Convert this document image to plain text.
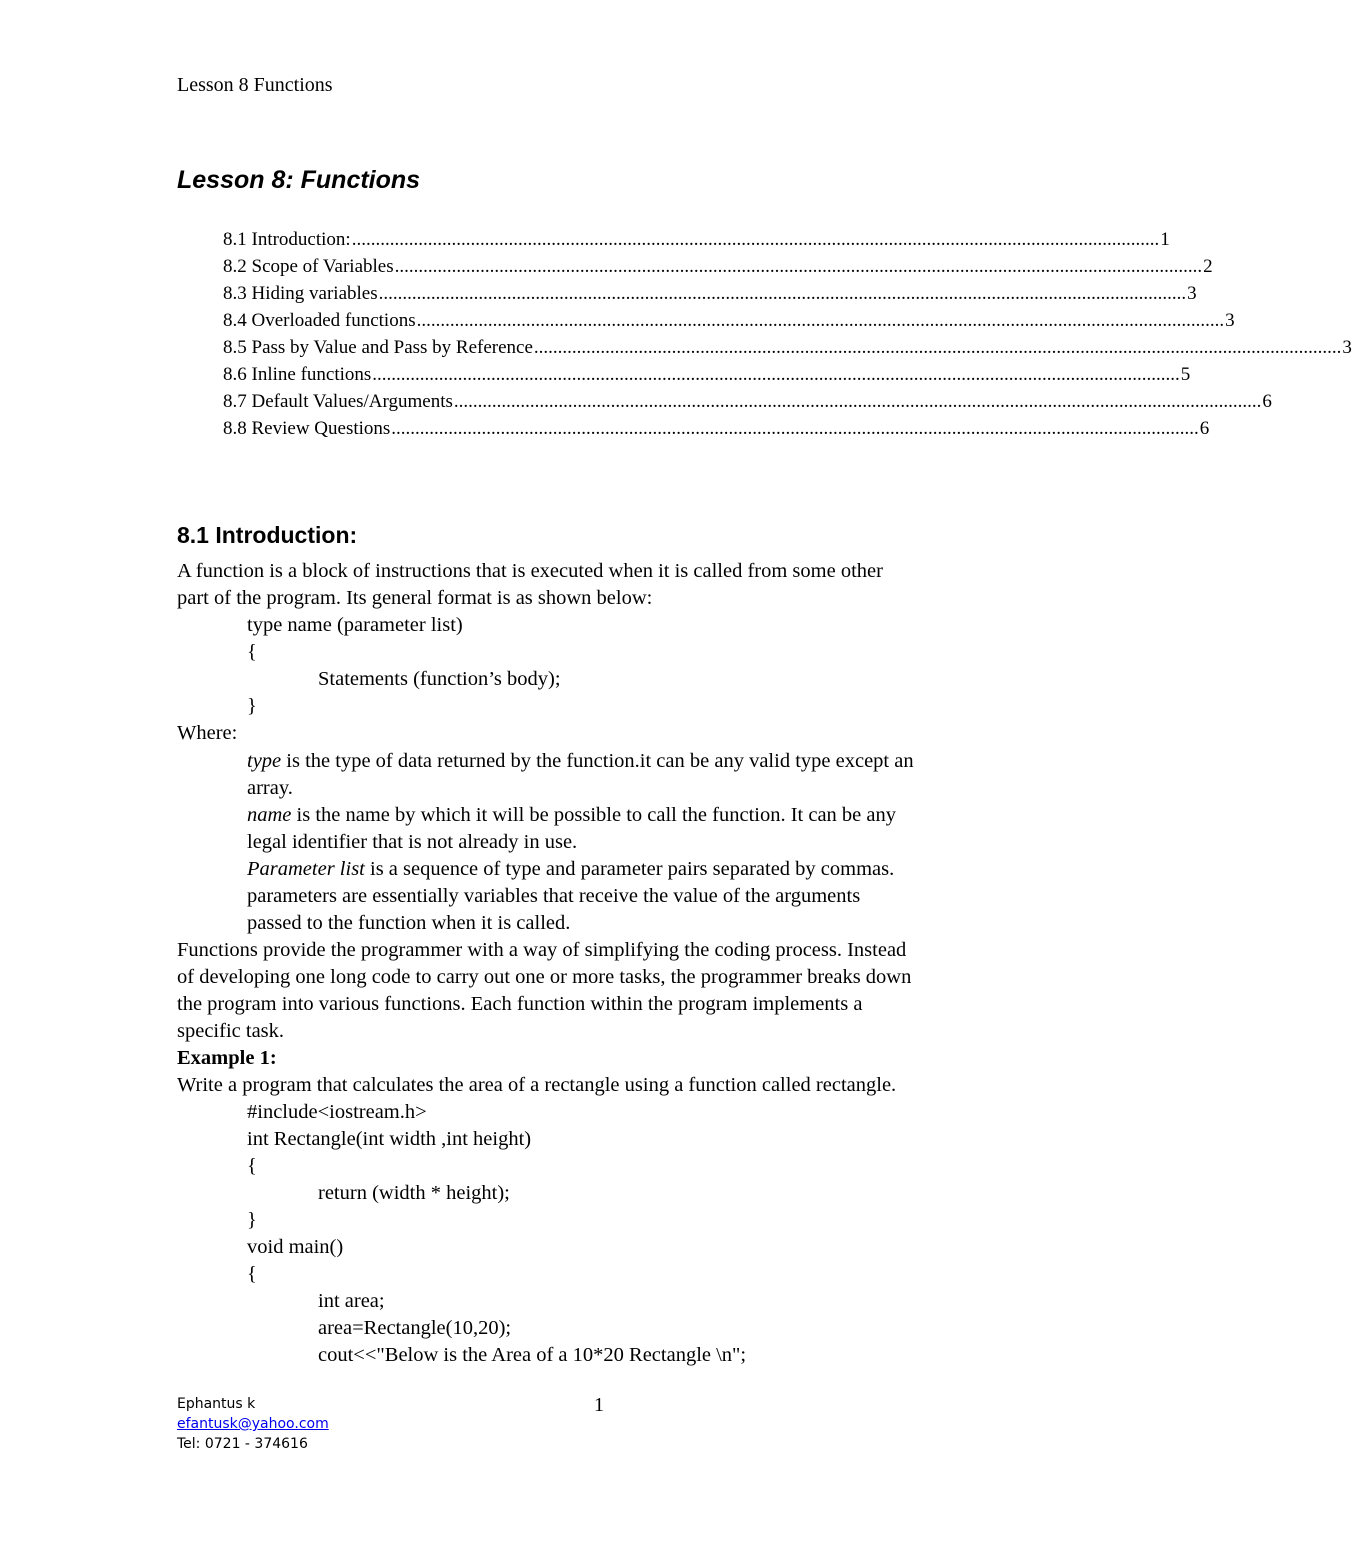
Lesson 8 Functions
Lesson 8: Functions
8.1 Introduction: .......................................................................................................................................................................... 1
8.2 Scope of Variables .......................................................................................................................................................................... 2
8.3 Hiding variables .......................................................................................................................................................................... 3
8.4 Overloaded functions .......................................................................................................................................................................... 3
8.5 Pass by Value and Pass by Reference .......................................................................................................................................................................... 3
8.6 Inline functions .......................................................................................................................................................................... 5
8.7 Default Values/Arguments .......................................................................................................................................................................... 6
8.8 Review Questions .......................................................................................................................................................................... 6
8.1 Introduction:
A function is a block of instructions that is executed when it is called from some other
part of the program. Its general format is as shown below:
type name (parameter list)
{
Statements (function’s body);
}
Where:
type is the type of data returned by the function.it can be any valid type except an
array.
name is the name by which it will be possible to call the function. It can be any
legal identifier that is not already in use.
Parameter list is a sequence of type and parameter pairs separated by commas.
parameters are essentially variables that receive the value of the arguments
passed to the function when it is called.
Functions provide the programmer with a way of simplifying the coding process. Instead
of developing one long code to carry out one or more tasks, the programmer breaks down
the program into various functions. Each function within the program implements a
specific task.
Example 1:
Write a program that calculates the area of a rectangle using a function called rectangle.
#include<iostream.h>
int Rectangle(int width ,int height)
{
return (width * height);
}
void main()
{
int area;
area=Rectangle(10,20);
cout<<"Below is the Area of a 10*20 Rectangle \n";
Ephantus k
efantusk@yahoo.com
Tel: 0721 - 374616
1
